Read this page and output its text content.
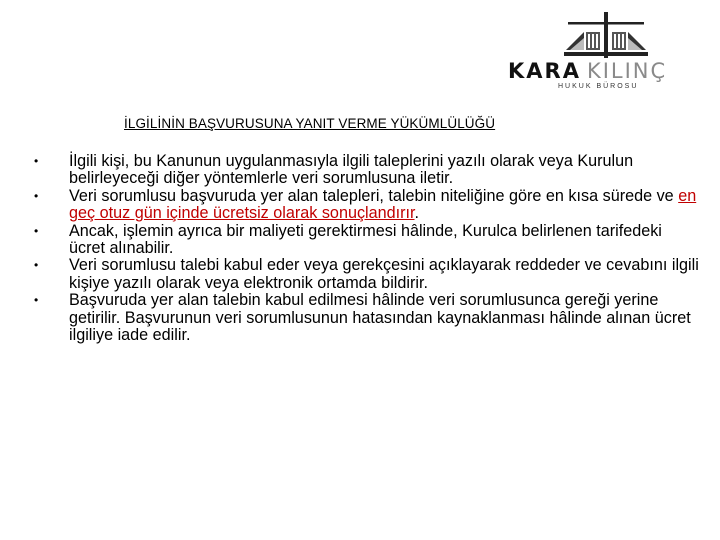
KARA KILINÇ
HUKUK BÜROSU
İLGİLİNİN BAŞVURUSUNA YANIT VERME YÜKÜMLÜLÜĞÜ
• İlgili kişi, bu Kanunun uygulanmasıyla ilgili taleplerini yazılı olarak veya Kurulun belirleyeceği diğer yöntemlerle veri sorumlusuna iletir.
• Veri sorumlusu başvuruda yer alan talepleri, talebin niteliğine göre en kısa sürede ve en geç otuz gün içinde ücretsiz olarak sonuçlandırır.
• Ancak, işlemin ayrıca bir maliyeti gerektirmesi hâlinde, Kurulca belirlenen tarifedeki ücret alınabilir.
• Veri sorumlusu talebi kabul eder veya gerekçesini açıklayarak reddeder ve cevabını ilgili kişiye yazılı olarak veya elektronik ortamda bildirir.
• Başvuruda yer alan talebin kabul edilmesi hâlinde veri sorumlusunca gereği yerine getirilir. Başvurunun veri sorumlusunun hatasından kaynaklanması hâlinde alınan ücret ilgiliye iade edilir.
